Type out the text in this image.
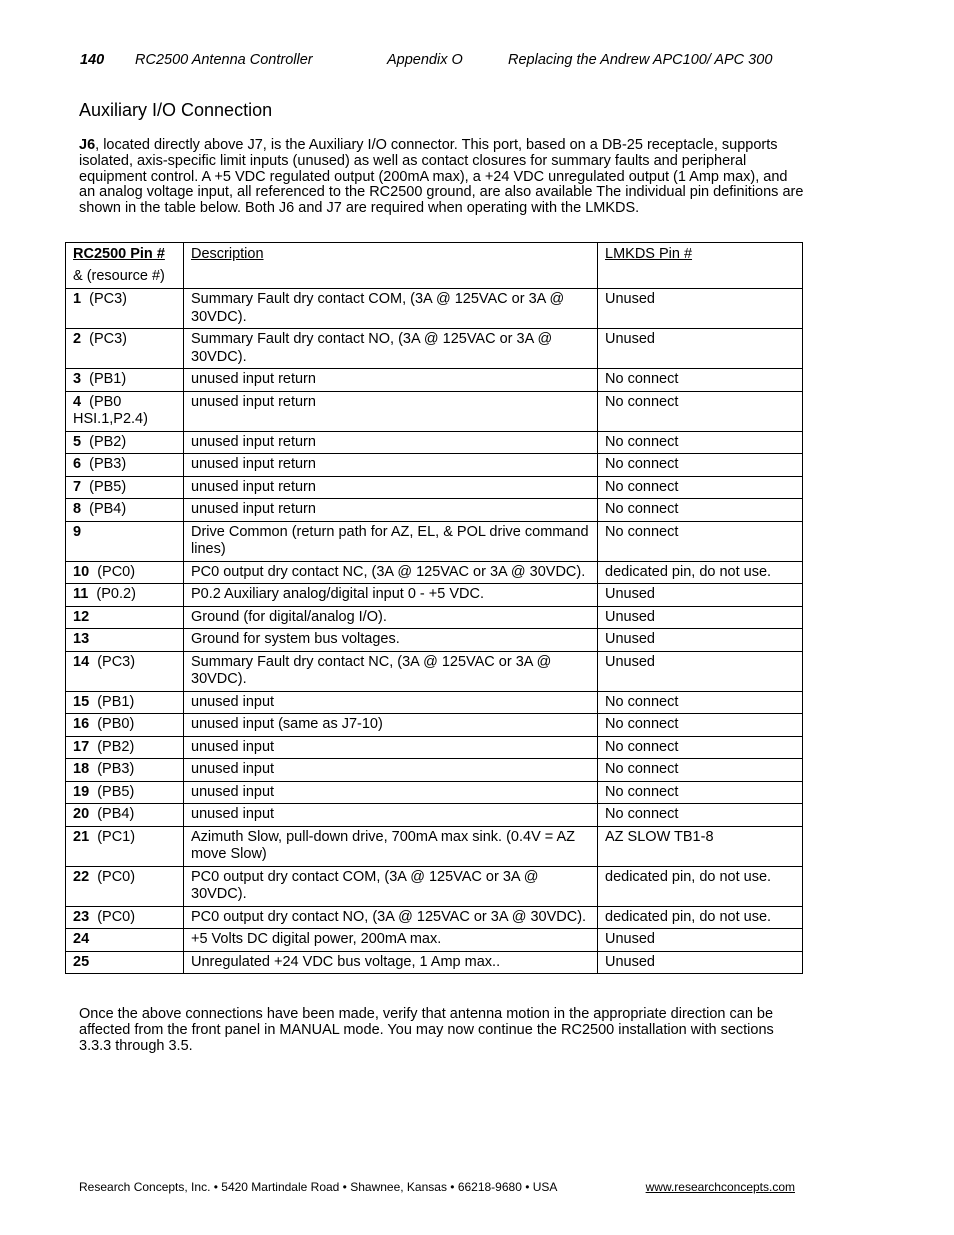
140 RC2500 Antenna Controller	Appendix O	Replacing the Andrew APC100/ APC 300
Auxiliary I/O Connection
J6, located directly above J7, is the Auxiliary I/O connector. This port, based on a DB-25 receptacle, supports isolated, axis-specific limit inputs (unused) as well as contact closures for summary faults and peripheral equipment control. A +5 VDC regulated output (200mA max), a +24 VDC unregulated output (1 Amp max), and an analog voltage input, all referenced to the RC2500 ground, are also available The individual pin definitions are shown in the table below. Both J6 and J7 are required when operating with the LMKDS.
RC2500 Pin #
& (resource #)	Description	LMKDS Pin #
1 (PC3)	Summary Fault dry contact COM, (3A @ 125VAC or 3A @ 30VDC).	Unused
2 (PC3)	Summary Fault dry contact NO, (3A @ 125VAC or 3A @ 30VDC).	Unused
3 (PB1)	unused input return	No connect
4 (PB0 HSI.1,P2.4)	unused input return	No connect
5 (PB2)	unused input return	No connect
6 (PB3)	unused input return	No connect
7 (PB5)	unused input return	No connect
8 (PB4)	unused input return	No connect
9	Drive Common (return path for AZ, EL, & POL drive command lines)	No connect
10 (PC0)	PC0 output dry contact NC, (3A @ 125VAC or 3A @ 30VDC).	dedicated pin, do not use.
11 (P0.2)	P0.2 Auxiliary analog/digital input 0 - +5 VDC.	Unused
12	Ground (for digital/analog I/O).	Unused
13	Ground for system bus voltages.	Unused
14 (PC3)	Summary Fault dry contact NC, (3A @ 125VAC or 3A @ 30VDC).	Unused
15 (PB1)	unused input	No connect
16 (PB0)	unused input (same as J7-10)	No connect
17 (PB2)	unused input	No connect
18 (PB3)	unused input	No connect
19 (PB5)	unused input	No connect
20 (PB4)	unused input	No connect
21 (PC1)	Azimuth Slow, pull-down drive, 700mA max sink. (0.4V = AZ move Slow)	AZ SLOW TB1-8
22 (PC0)	PC0 output dry contact COM, (3A @ 125VAC or 3A @ 30VDC).	dedicated pin, do not use.
23 (PC0)	PC0 output dry contact NO, (3A @ 125VAC or 3A @ 30VDC).	dedicated pin, do not use.
24	+5 Volts DC digital power, 200mA max.	Unused
25	Unregulated +24 VDC bus voltage, 1 Amp max..	Unused
Once the above connections have been made, verify that antenna motion in the appropriate direction can be affected from the front panel in MANUAL mode. You may now continue the RC2500 installation with sections 3.3.3 through 3.5.
Research Concepts, Inc. • 5420 Martindale Road • Shawnee, Kansas • 66218-9680 • USA	www.researchconcepts.com
